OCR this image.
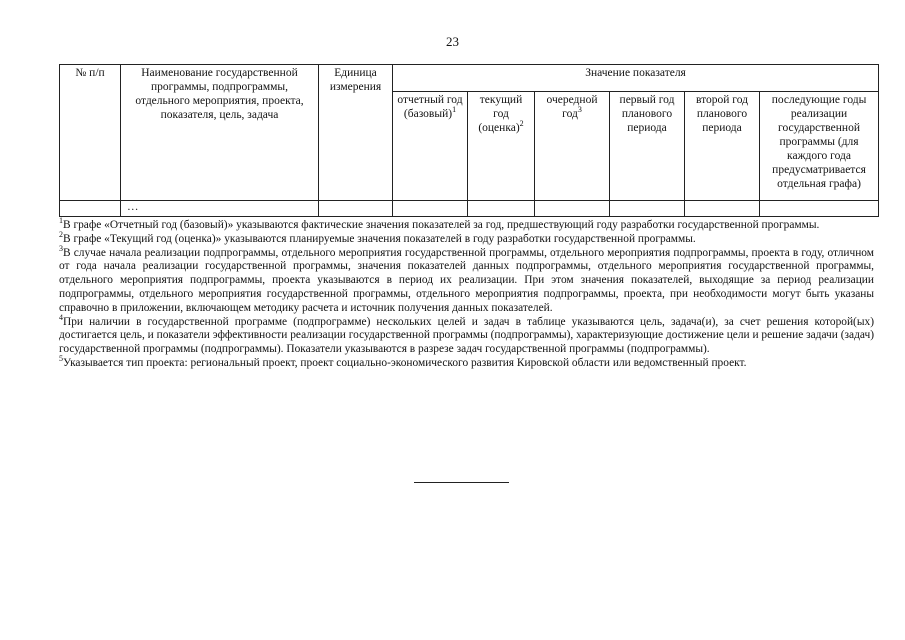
23
№ п/п	Наименование государственной программы, подпрограммы, отдельного мероприятия, проекта, показателя, цель, задача	Единица измерения	Значение показателя					
			отчетный год (базовый)$^1$	текущий год (оценка)$^2$	очередной год$^3$	первый год планового периода	второй год планового периода	последующие годы реализации государственной программы (для каждого года предусматривается отдельная графа)
	…							

$^1$В графе «Отчетный год (базовый)» указываются фактические значения показателей за год, предшествующий году разработки государственной программы.

$^2$В графе «Текущий год (оценка)» указываются планируемые значения показателей в году разработки государственной программы.

$^3$В случае начала реализации подпрограммы, отдельного мероприятия государственной программы, отдельного мероприятия подпрограммы, проекта в году, отличном от года начала реализации государственной программы, значения показателей данных подпрограммы, отдельного мероприятия государственной программы, отдельного мероприятия подпрограммы, проекта указываются в период их реализации. При этом значения показателей, выходящие за период реализации подпрограммы, отдельного мероприятия государственной программы, отдельного мероприятия подпрограммы, проекта, при необходимости могут быть указаны справочно в приложении, включающем методику расчета и источник получения данных показателей.

$^4$При наличии в государственной программе (подпрограмме) нескольких целей и задач в таблице указываются цель, задача(и), за счет решения которой(ых) достигается цель, и показатели эффективности реализации государственной программы (подпрограммы), характеризующие достижение цели и решение задачи (задач) государственной программы (подпрограммы). Показатели указываются в разрезе задач государственной программы (подпрограммы).

$^5$Указывается тип проекта: региональный проект, проект социально-экономического развития Кировской области или ведомственный проект.
